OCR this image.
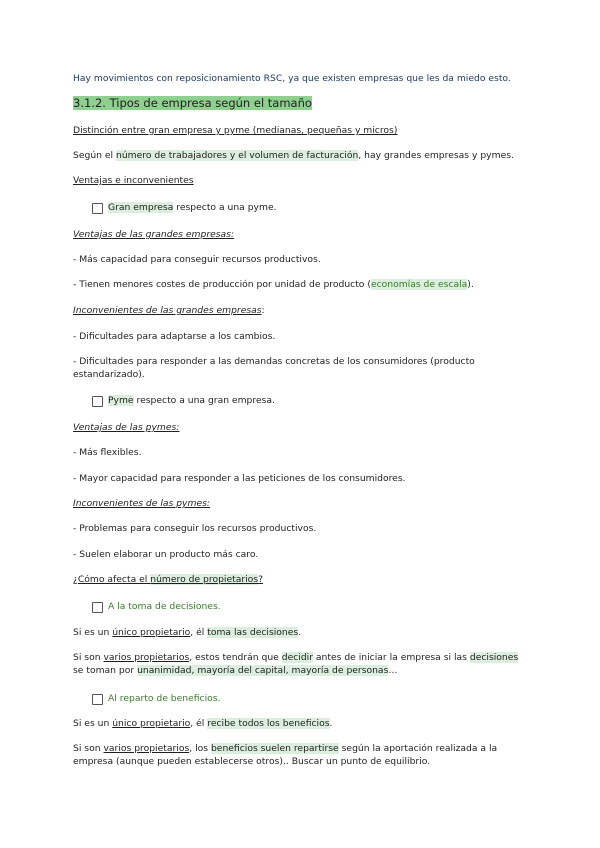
Hay movimientos con reposicionamiento RSC, ya que existen empresas que les da miedo esto.
3.1.2. Tipos de empresa según el tamaño
Distinción entre gran empresa y pyme (medianas, pequeñas y micros)
Según el número de trabajadores y el volumen de facturación, hay grandes empresas y pymes.
Ventajas e inconvenientes
Gran empresa respecto a una pyme.
Ventajas de las grandes empresas:
- Más capacidad para conseguir recursos productivos.
- Tienen menores costes de producción por unidad de producto (economías de escala).
Inconvenientes de las grandes empresas:
- Dificultades para adaptarse a los cambios.
- Dificultades para responder a las demandas concretas de los consumidores (producto estandarizado).
Pyme respecto a una gran empresa.
Ventajas de las pymes:
- Más flexibles.
- Mayor capacidad para responder a las peticiones de los consumidores.
Inconvenientes de las pymes:
- Problemas para conseguir los recursos productivos.
- Suelen elaborar un producto más caro.
¿Cómo afecta el número de propietarios?
A la toma de decisiones.
Si es un único propietario, él toma las decisiones.
Si son varios propietarios, estos tendrán que decidir antes de iniciar la empresa si las decisiones se toman por unanimidad, mayoría del capital, mayoría de personas…
Al reparto de beneficios.
Si es un único propietario, él recibe todos los beneficios.
Si son varios propietarios, los beneficios suelen repartirse según la aportación realizada a la empresa (aunque pueden establecerse otros).. Buscar un punto de equilibrio.
